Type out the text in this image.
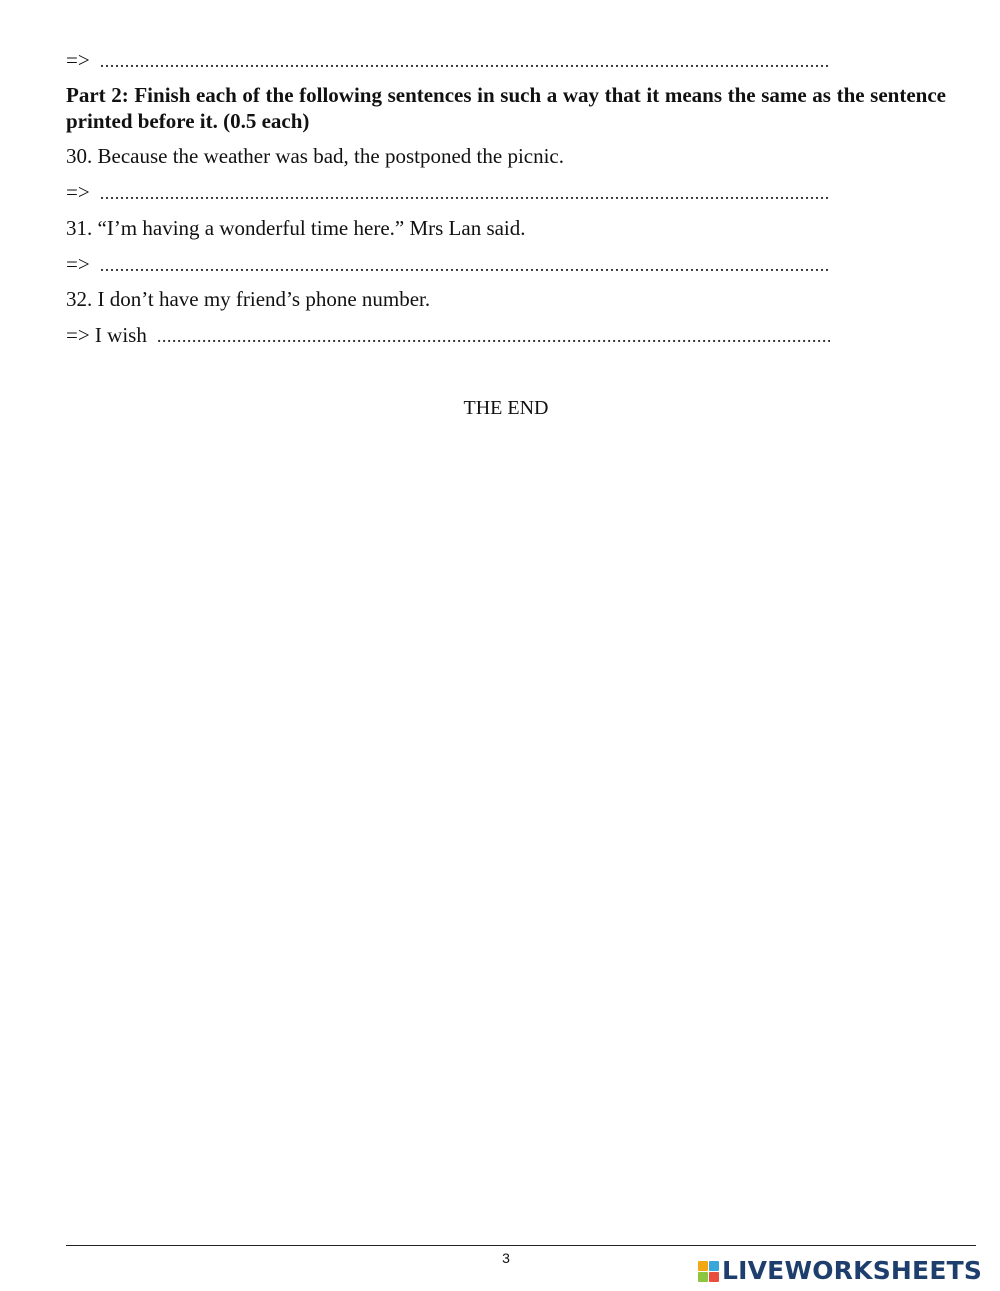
=>
.....
Part 2: Finish each of the following sentences in such a way that it means the same as the sentence printed before it. (0.5 each)
30. Because the weather was bad, the postponed the picnic.
=>
.....
31. “I’m having a wonderful time here.” Mrs Lan said.
=>
.....
32. I don’t have my friend’s phone number.
=> I wish
.....
THE END
3	LIVEWORKSHEETS
